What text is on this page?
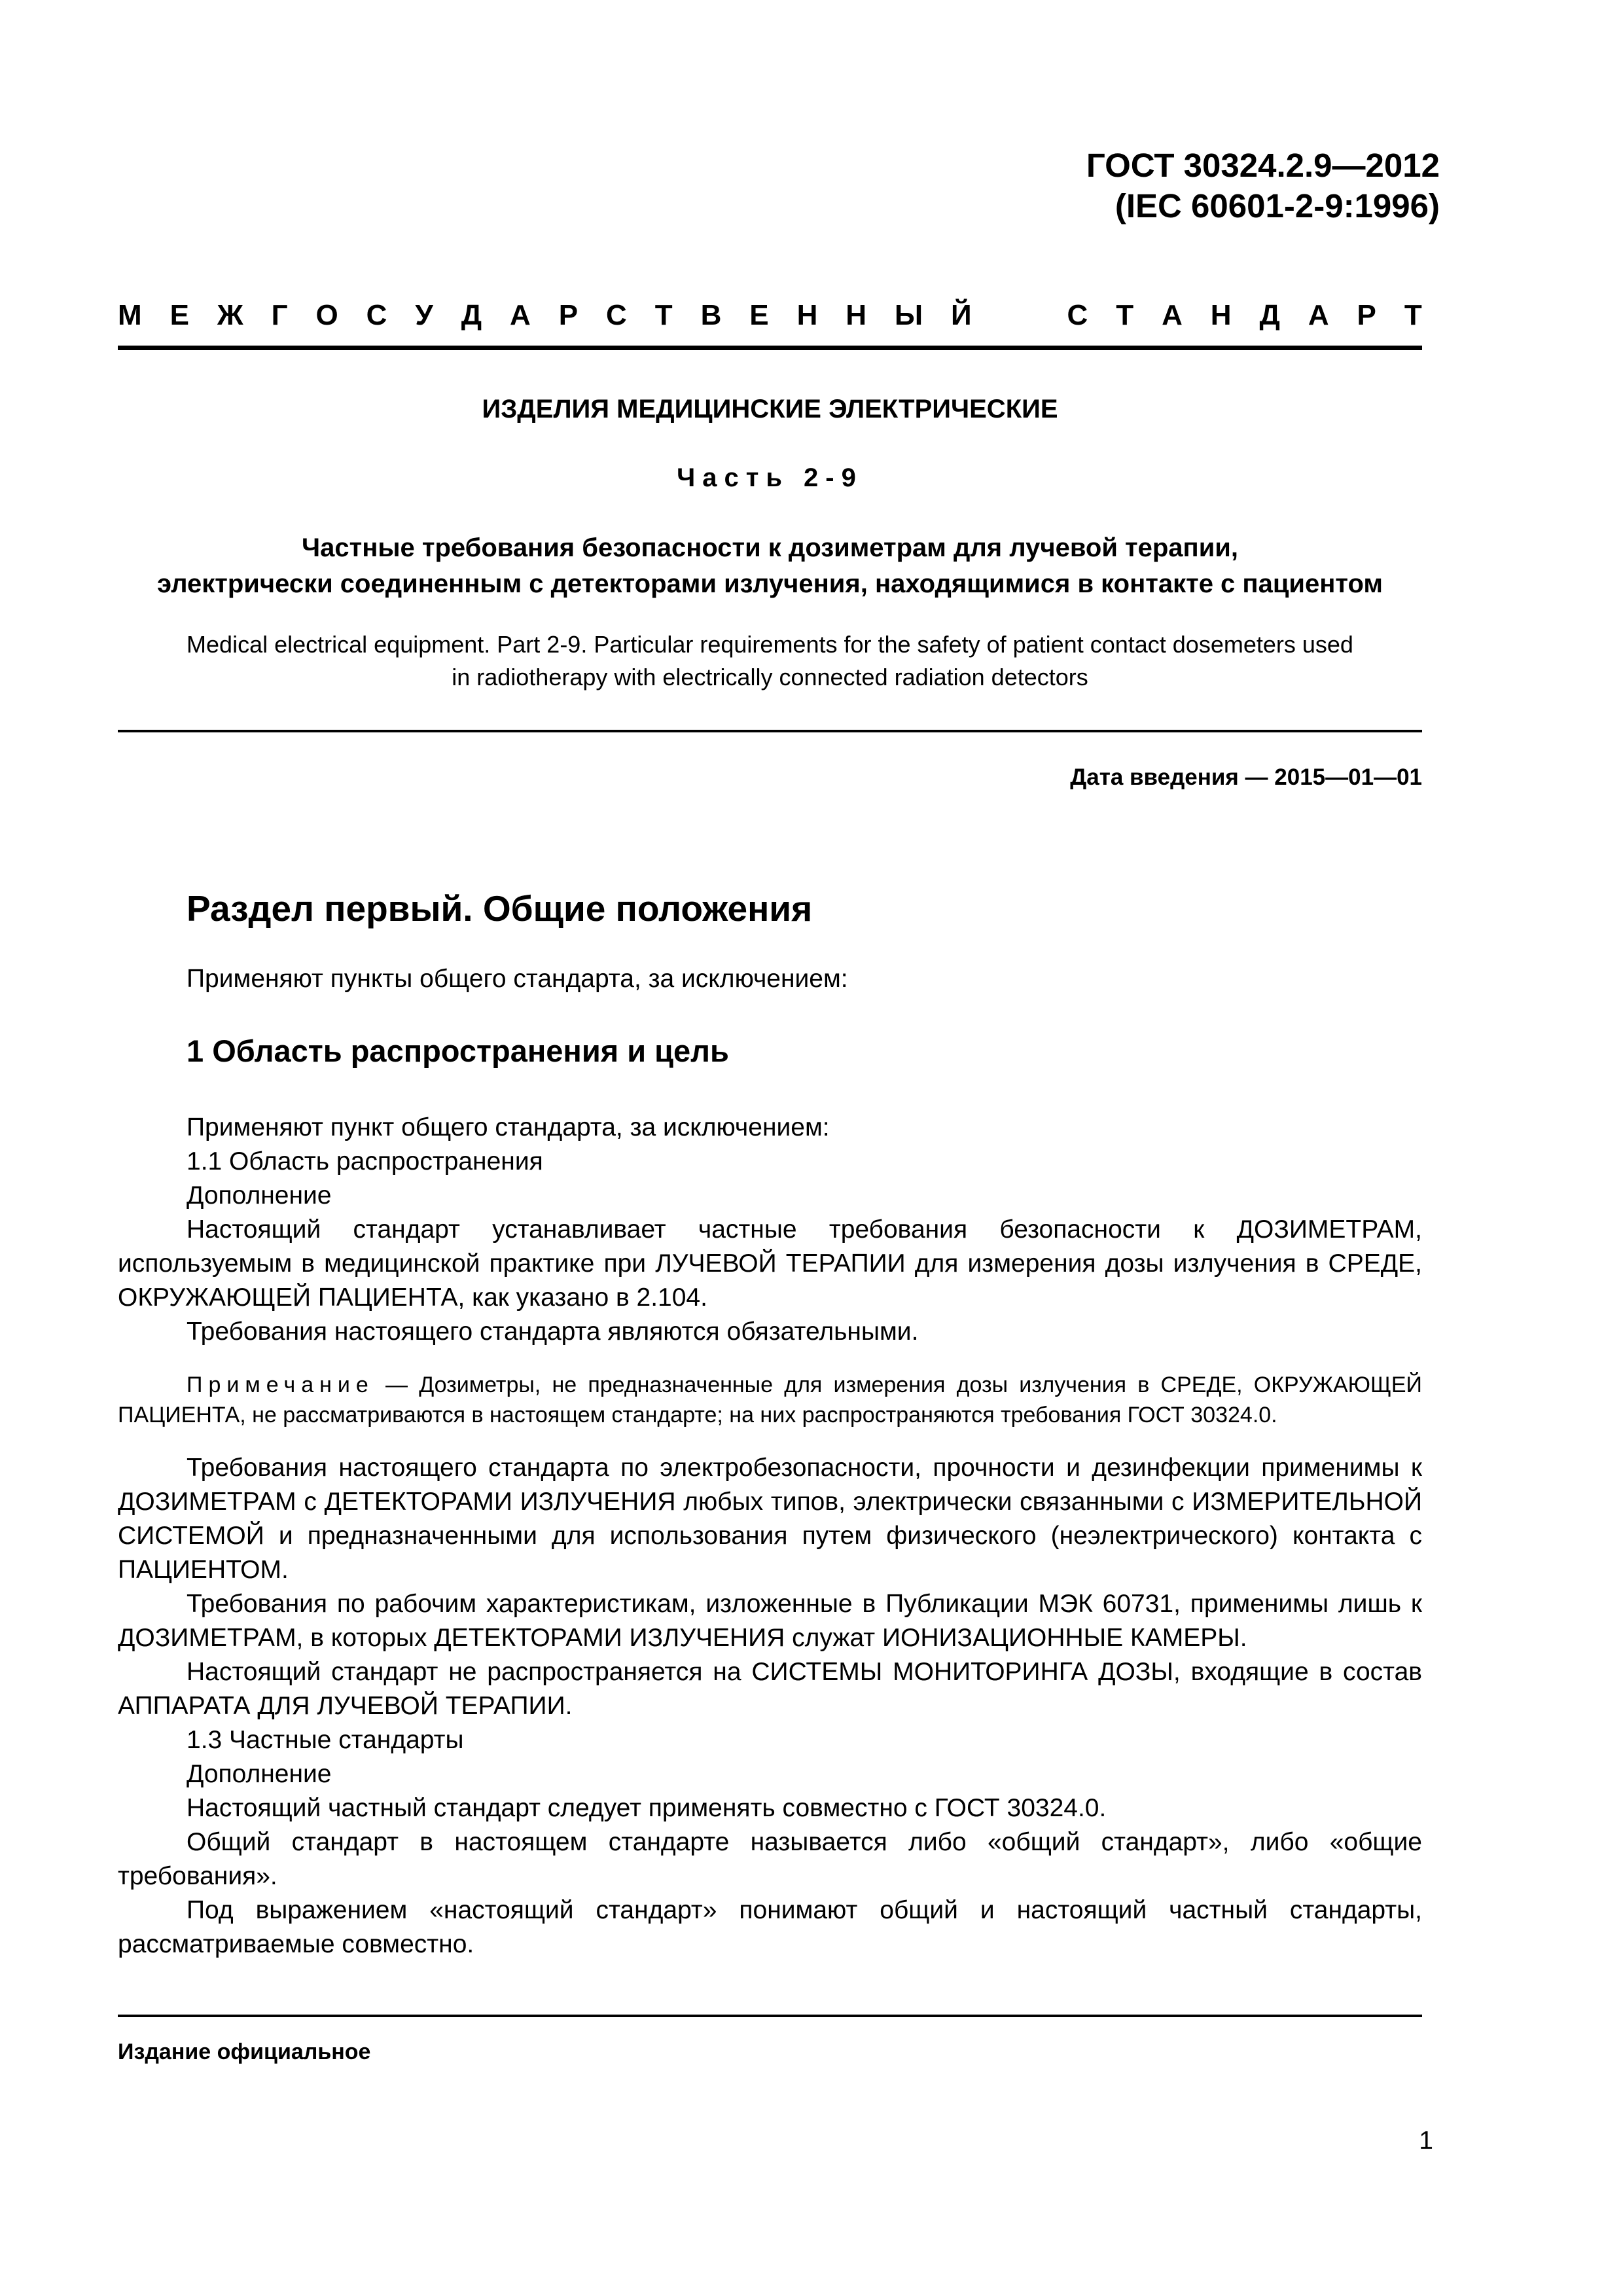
ГОСТ 30324.2.9—2012
(IEC 60601-2-9:1996)
М Е Ж Г О С У Д А Р С Т В Е Н Н Ы Й	С Т А Н Д А Р Т
ИЗДЕЛИЯ МЕДИЦИНСКИЕ ЭЛЕКТРИЧЕСКИЕ
Часть 2-9
Частные требования безопасности к дозиметрам для лучевой терапии,
электрически соединенным с детекторами излучения, находящимися в контакте с пациентом
Medical electrical equipment. Part 2-9. Particular requirements for the safety of patient contact dosemeters used
in radiotherapy with electrically connected radiation detectors
Дата введения — 2015—01—01
Раздел первый. Общие положения
Применяют пункты общего стандарта, за исключением:
1 Область распространения и цель

Применяют пункт общего стандарта, за исключением:

1.1 Область распространения

Дополнение

Настоящий стандарт устанавливает частные требования безопасности к ДОЗИМЕТРАМ, используемым в медицинской практике при ЛУЧЕВОЙ ТЕРАПИИ для измерения дозы излучения в СРЕДЕ, ОКРУЖАЮЩЕЙ ПАЦИЕНТА, как указано в 2.104.

Требования настоящего стандарта являются обязательными.

Примечание — Дозиметры, не предназначенные для измерения дозы излучения в СРЕДЕ, ОКРУЖАЮЩЕЙ ПАЦИЕНТА, не рассматриваются в настоящем стандарте; на них распространяются требования ГОСТ 30324.0.

Требования настоящего стандарта по электробезопасности, прочности и дезинфекции применимы к ДОЗИМЕТРАМ с ДЕТЕКТОРАМИ ИЗЛУЧЕНИЯ любых типов, электрически связанными с ИЗМЕРИТЕЛЬНОЙ СИСТЕМОЙ и предназначенными для использования путем физического (неэлектрического) контакта с ПАЦИЕНТОМ.

Требования по рабочим характеристикам, изложенные в Публикации МЭК 60731, применимы лишь к ДОЗИМЕТРАМ, в которых ДЕТЕКТОРАМИ ИЗЛУЧЕНИЯ служат ИОНИЗАЦИОННЫЕ КАМЕРЫ.

Настоящий стандарт не распространяется на СИСТЕМЫ МОНИТОРИНГА ДОЗЫ, входящие в состав АППАРАТА ДЛЯ ЛУЧЕВОЙ ТЕРАПИИ.

1.3 Частные стандарты

Дополнение

Настоящий частный стандарт следует применять совместно с ГОСТ 30324.0.

Общий стандарт в настоящем стандарте называется либо «общий стандарт», либо «общие требования».

Под выражением «настоящий стандарт» понимают общий и настоящий частный стандарты, рассматриваемые совместно.

Издание официальное
1
